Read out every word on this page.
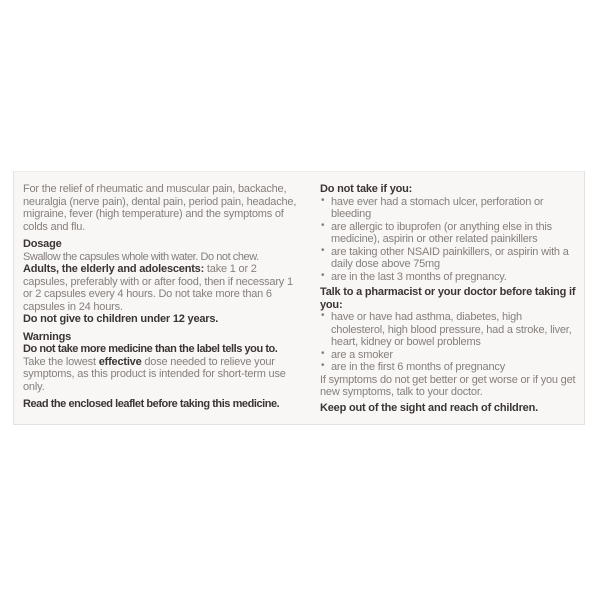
For the relief of rheumatic and muscular pain, backache, neuralgia (nerve pain), dental pain, period pain, headache, migraine, fever (high temperature) and the symptoms of colds and flu.

Dosage

Swallow the capsules whole with water. Do not chew.

Adults, the elderly and adolescents: take 1 or 2 capsules, preferably with or after food, then if necessary 1 or 2 capsules every 4 hours. Do not take more than 6 capsules in 24 hours.

Do not give to children under 12 years.

Warnings

Do not take more medicine than the label tells you to.

Take the lowest effective dose needed to relieve your symptoms, as this product is intended for short-term use only.

Read the enclosed leaflet before taking this medicine.

Do not take if you:

• have ever had a stomach ulcer, perforation or bleeding
• are allergic to ibuprofen (or anything else in this medicine), aspirin or other related painkillers
• are taking other NSAID painkillers, or aspirin with a daily dose above 75mg
• are in the last 3 months of pregnancy.

Talk to a pharmacist or your doctor before taking if you:

• have or have had asthma, diabetes, high cholesterol, high blood pressure, had a stroke, liver, heart, kidney or bowel problems
• are a smoker
• are in the first 6 months of pregnancy

If symptoms do not get better or get worse or if you get new symptoms, talk to your doctor.

Keep out of the sight and reach of children.
